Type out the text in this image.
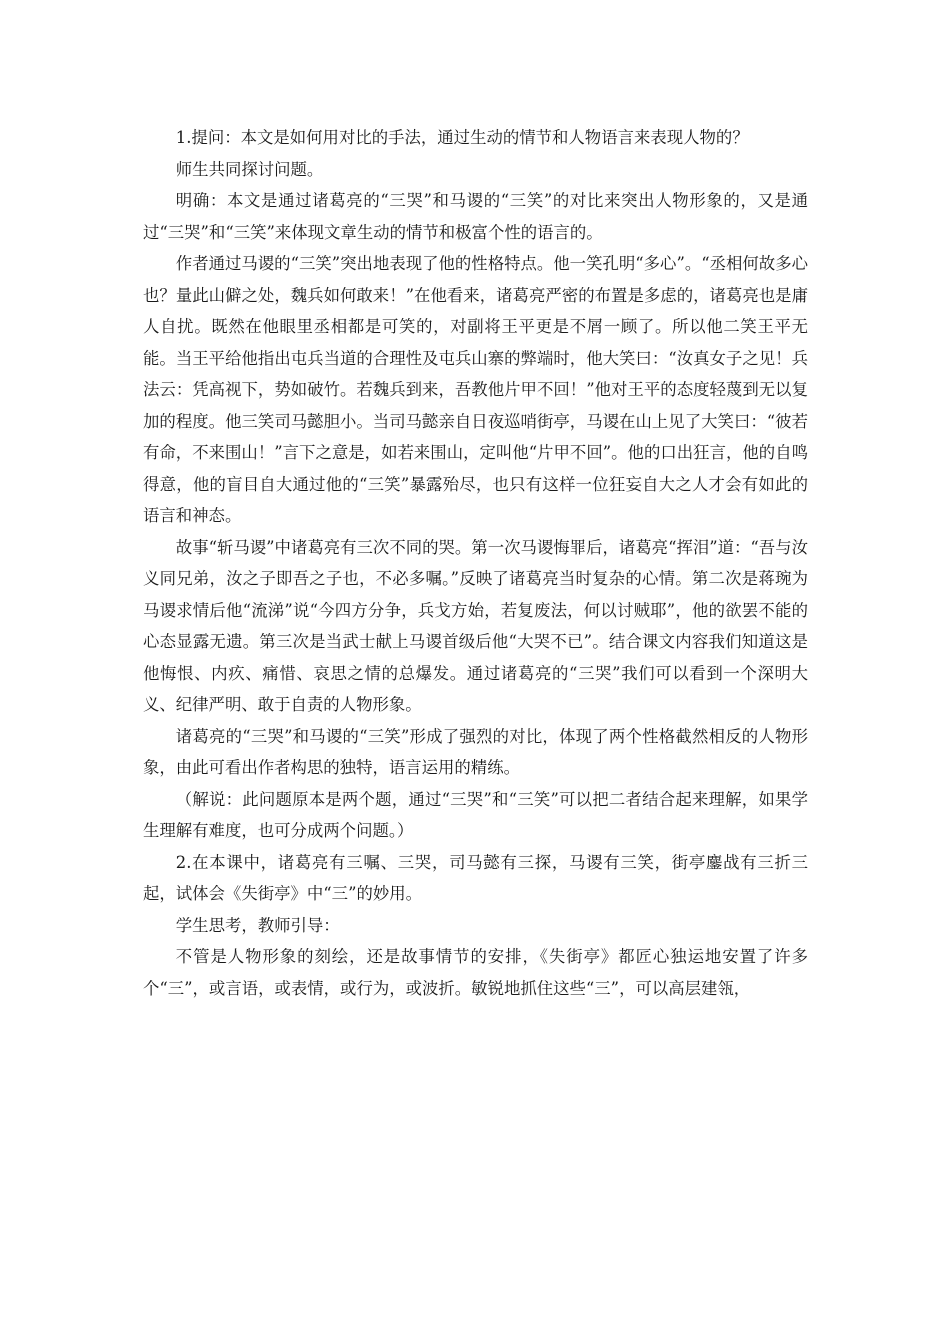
1.提问：本文是如何用对比的手法，通过生动的情节和人物语言来表现人物的？

师生共同探讨问题。

明确：本文是通过诸葛亮的“三哭”和马谡的“三笑”的对比来突出人物形象的，又是通过“三哭”和“三笑”来体现文章生动的情节和极富个性的语言的。

作者通过马谡的“三笑”突出地表现了他的性格特点。他一笑孔明“多心”。“丞相何故多心也？量此山僻之处，魏兵如何敢来！”在他看来，诸葛亮严密的布置是多虑的，诸葛亮也是庸人自扰。既然在他眼里丞相都是可笑的，对副将王平更是不屑一顾了。所以他二笑王平无能。当王平给他指出屯兵当道的合理性及屯兵山寨的弊端时，他大笑曰：“汝真女子之见！兵法云：凭高视下，势如破竹。若魏兵到来，吾教他片甲不回！”他对王平的态度轻蔑到无以复加的程度。他三笑司马懿胆小。当司马懿亲自日夜巡哨街亭，马谡在山上见了大笑曰：“彼若有命，不来围山！”言下之意是，如若来围山，定叫他“片甲不回”。他的口出狂言，他的自鸣得意，他的盲目自大通过他的“三笑”暴露殆尽，也只有这样一位狂妄自大之人才会有如此的语言和神态。

故事“斩马谡”中诸葛亮有三次不同的哭。第一次马谡悔罪后，诸葛亮“挥泪”道：“吾与汝义同兄弟，汝之子即吾之子也，不必多嘱。”反映了诸葛亮当时复杂的心情。第二次是蒋琬为马谡求情后他“流涕”说“今四方分争，兵戈方始，若复废法，何以讨贼耶”，他的欲罢不能的心态显露无遗。第三次是当武士献上马谡首级后他“大哭不已”。结合课文内容我们知道这是他悔恨、内疚、痛惜、哀思之情的总爆发。通过诸葛亮的“三哭”我们可以看到一个深明大义、纪律严明、敢于自责的人物形象。

诸葛亮的“三哭”和马谡的“三笑”形成了强烈的对比，体现了两个性格截然相反的人物形象，由此可看出作者构思的独特，语言运用的精练。

（解说：此问题原本是两个题，通过“三哭”和“三笑”可以把二者结合起来理解，如果学生理解有难度，也可分成两个问题。）

2.在本课中，诸葛亮有三嘱、三哭，司马懿有三探，马谡有三笑，街亭鏖战有三折三起，试体会《失街亭》中“三”的妙用。

学生思考，教师引导：

不管是人物形象的刻绘，还是故事情节的安排，《失街亭》都匠心独运地安置了许多个“三”，或言语，或表情，或行为，或波折。敏锐地抓住这些“三”，可以高层建瓴，
